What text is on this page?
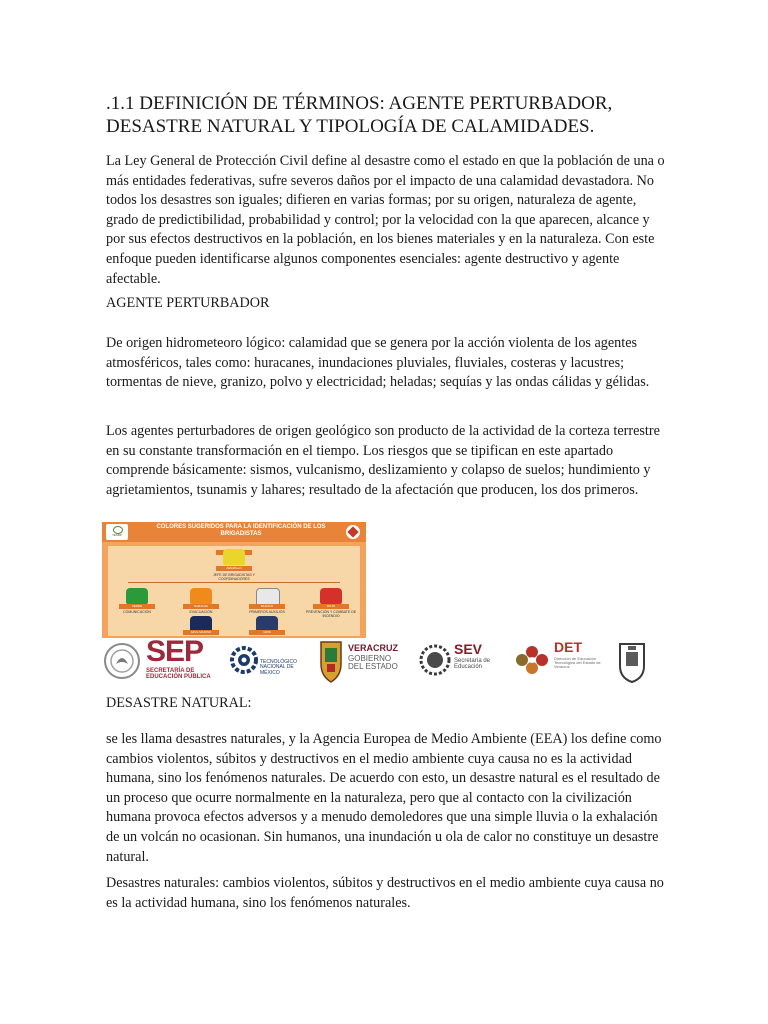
.1.1 DEFINICIÓN DE TÉRMINOS: AGENTE PERTURBADOR, DESASTRE NATURAL Y TIPOLOGÍA DE CALAMIDADES.

La Ley General de Protección Civil define al desastre como el estado en que la población de una o más entidades federativas, sufre severos daños por el impacto de una calamidad devastadora. No todos los desastres son iguales; difieren en varias formas; por su origen, naturaleza de agente, grado de predictibilidad, probabilidad y control; por la velocidad con la que aparecen, alcance y por sus efectos destructivos en la población, en los bienes materiales y en la naturaleza. Con este enfoque pueden identificarse algunos componentes esenciales: agente destructivo y agente afectable.

AGENTE PERTURBADOR

De origen hidrometeoro lógico: calamidad que se genera por la acción violenta de los agentes atmosféricos, tales como: huracanes, inundaciones pluviales, fluviales, costeras y lacustres; tormentas de nieve, granizo, polvo y electricidad; heladas; sequías y las ondas cálidas y gélidas.

Los agentes perturbadores de origen geológico son producto de la actividad de la corteza terrestre en su constante transformación en el tiempo. Los riesgos que se tipifican en este apartado comprende básicamente: sismos, vulcanismo, deslizamiento y colapso de suelos; hundimiento y agrietamientos, tsunamis y lahares; resultado de la afectación que producen, los dos primeros.

TESBP
COLORES SUGERIDOS PARA LA IDENTIFICACIÓN DE LOS BRIGADISTAS
AMARILLO
JEFE DE BRIGADISTAS Y COORDINADORES
VERDE
COMUNICACIÓN
NARANJA
EVACUACIÓN
BLANCO
PRIMEROS AUXILIOS
ROJO
PREVENCIÓN Y COMBATE DE INCENDIO
AZUL MARINO	GRIS
SEP
SECRETARÍA DE EDUCACIÓN PÚBLICA
TECNOLÓGICO NACIONAL DE MÉXICO
VERACRUZ
GOBIERNO DEL ESTADO
SEV
Secretaría de Educación
DET
Dirección de Educación Tecnológica del Estado de Veracruz
DESASTRE NATURAL:

se les llama desastres naturales, y la Agencia Europea de Medio Ambiente (EEA) los define como cambios violentos, súbitos y destructivos en el medio ambiente cuya causa no es la actividad humana, sino los fenómenos naturales. De acuerdo con esto, un desastre natural es el resultado de un proceso que ocurre normalmente en la naturaleza, pero que al contacto con la civilización humana provoca efectos adversos y a menudo demoledores que una simple lluvia o la exhalación de un volcán no ocasionan. Sin humanos, una inundación u ola de calor no constituye un desastre natural.

Desastres naturales: cambios violentos, súbitos y destructivos en el medio ambiente cuya causa no es la actividad humana, sino los fenómenos naturales.
